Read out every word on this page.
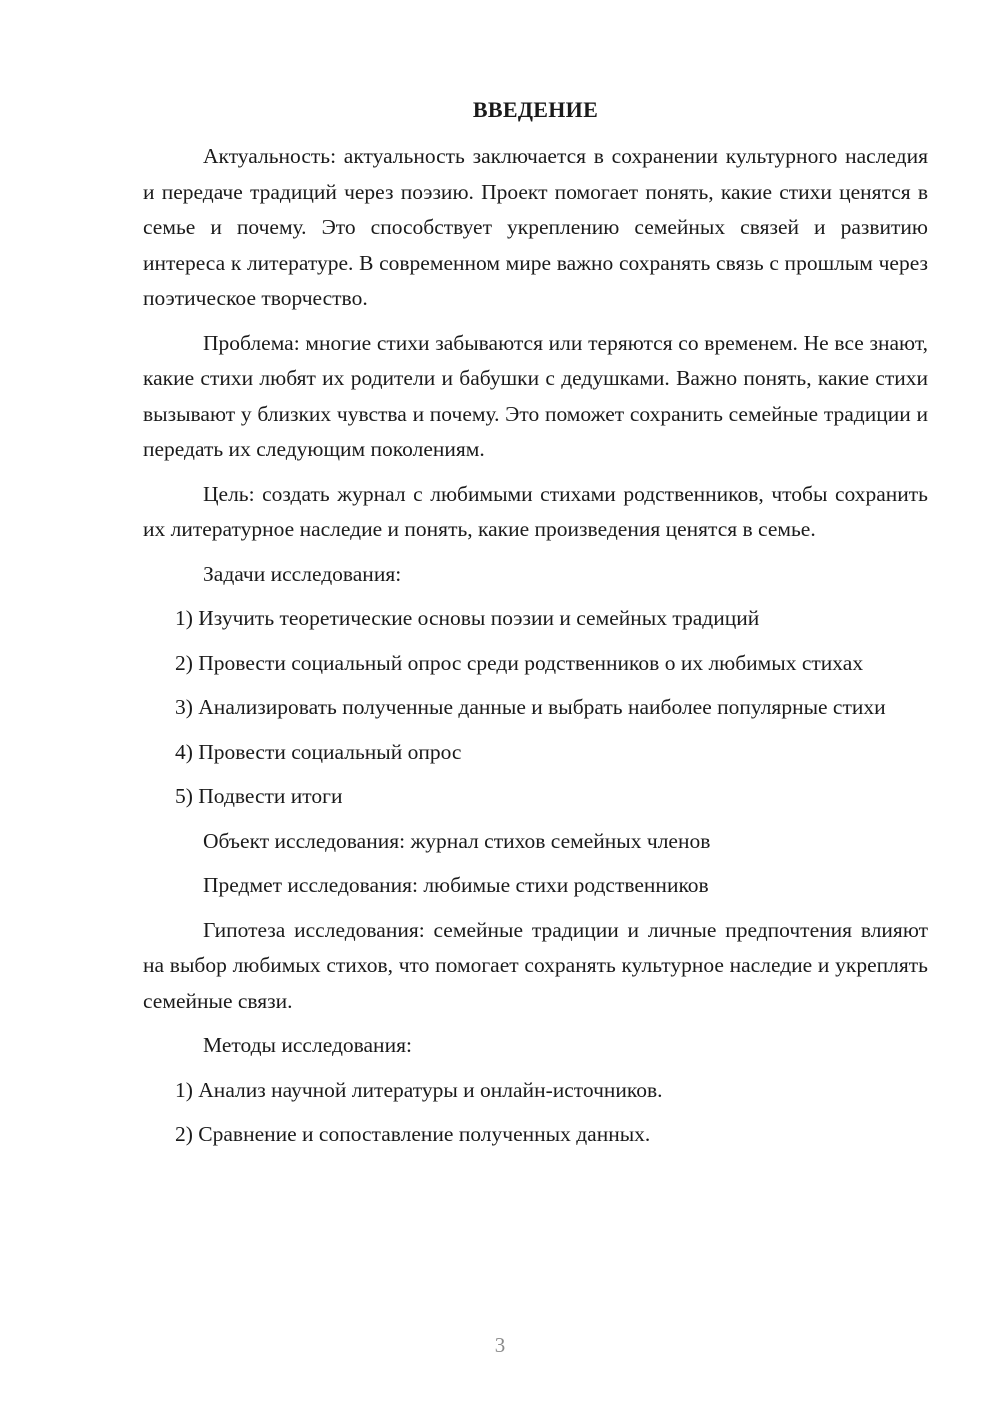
ВВЕДЕНИЕ
Актуальность: актуальность заключается в сохранении культурного наследия и передаче традиций через поэзию. Проект помогает понять, какие стихи ценятся в семье и почему. Это способствует укреплению семейных связей и развитию интереса к литературе. В современном мире важно сохранять связь с прошлым через поэтическое творчество.
Проблема: многие стихи забываются или теряются со временем. Не все знают, какие стихи любят их родители и бабушки с дедушками. Важно понять, какие стихи вызывают у близких чувства и почему. Это поможет сохранить семейные традиции и передать их следующим поколениям.
Цель: создать журнал с любимыми стихами родственников, чтобы сохранить их литературное наследие и понять, какие произведения ценятся в семье.
Задачи исследования:
1) Изучить теоретические основы поэзии и семейных традиций
2) Провести социальный опрос среди родственников о их любимых стихах
3) Анализировать полученные данные и выбрать наиболее популярные стихи
4) Провести социальный опрос
5) Подвести итоги
Объект исследования: журнал стихов семейных членов
Предмет исследования: любимые стихи родственников
Гипотеза исследования: семейные традиции и личные предпочтения влияют на выбор любимых стихов, что помогает сохранять культурное наследие и укреплять семейные связи.
Методы исследования:
1) Анализ научной литературы и онлайн-источников.
2) Сравнение и сопоставление полученных данных.
3
